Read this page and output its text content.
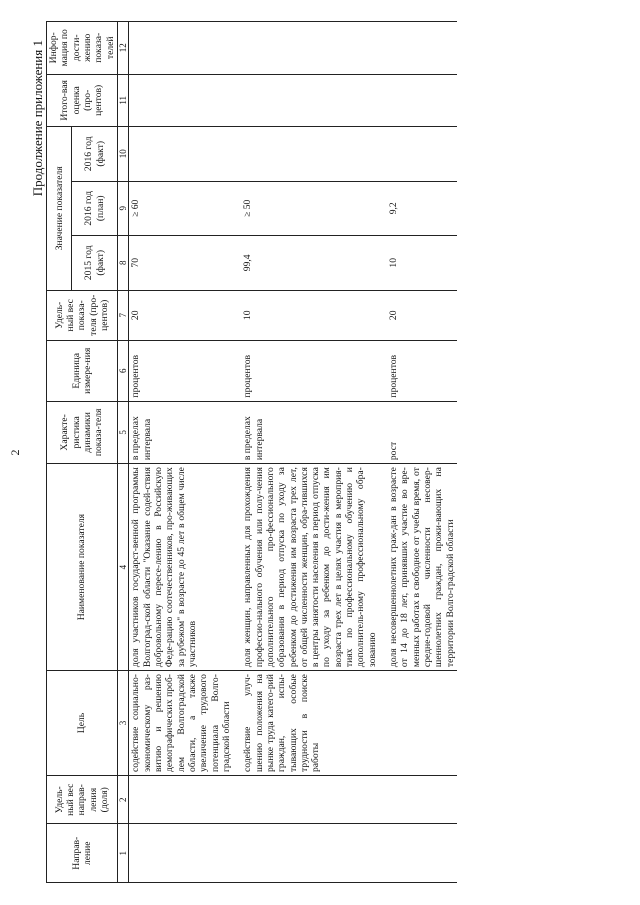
2
Продолжение приложения 1
Направ-ление	Удель-ный вес направ-ления (доля)	Цель	Наименование показателя	Характе-ристика динамики показа-теля	Единица измере-ния	Удель-ный вес показа-теля (про-центов)	Значение показателя			Итого-вая оценка (про-центов)	Инфор-мация по дости-жению показа-телей
							2015 год (факт)	2016 год (план)	2016 год (факт)		
1	2	3	4	5	6	7	8	9	10	11	12
		содействие социально-экономическому раз-витию и решению демографических проб-лем Волгоградской области, а также увеличение трудового потенциала Волго-градской области	доля участников государст-венной программы Волгоград-ской области "Оказание содей-ствия добровольному пересе-лению в Российскую Феде-рацию соотечественников, про-живающих за рубежом" в возрасте до 45 лет в общем числе участников	в пределах интервала	процентов	20	70	≥ 60			

		содействие улуч-шению положения на рынке труда катего-рий граждан, испы-тывающих особые трудности в поиске работы	доля женщин, направленных для прохождения профессио-нального обучения или полу-чения дополнительного про-фессионального образования в период отпуска по уходу за ребенком до достижения им возраста трех лет, от общей численности женщин, обра-тившихся в центры занятости населения в период отпуска по уходу за ребенком до дости-жения им возраста трех лет в целях участия в мероприя-тиях по профессиональному обучению и дополнитель-ному профессиональному обра-зованию	в пределах интервала	процентов	10	99,4	≥ 50			

			доля несовершеннолетних граж-дан в возрасте от 14 до 18 лет, принявших участие во вре-менных работах в свободное от учебы время, от средне-годовой численности несовер-шеннолетних граждан, прожи-вающих на территории Волго-градской области	рост	процентов	20	10	9,2			
